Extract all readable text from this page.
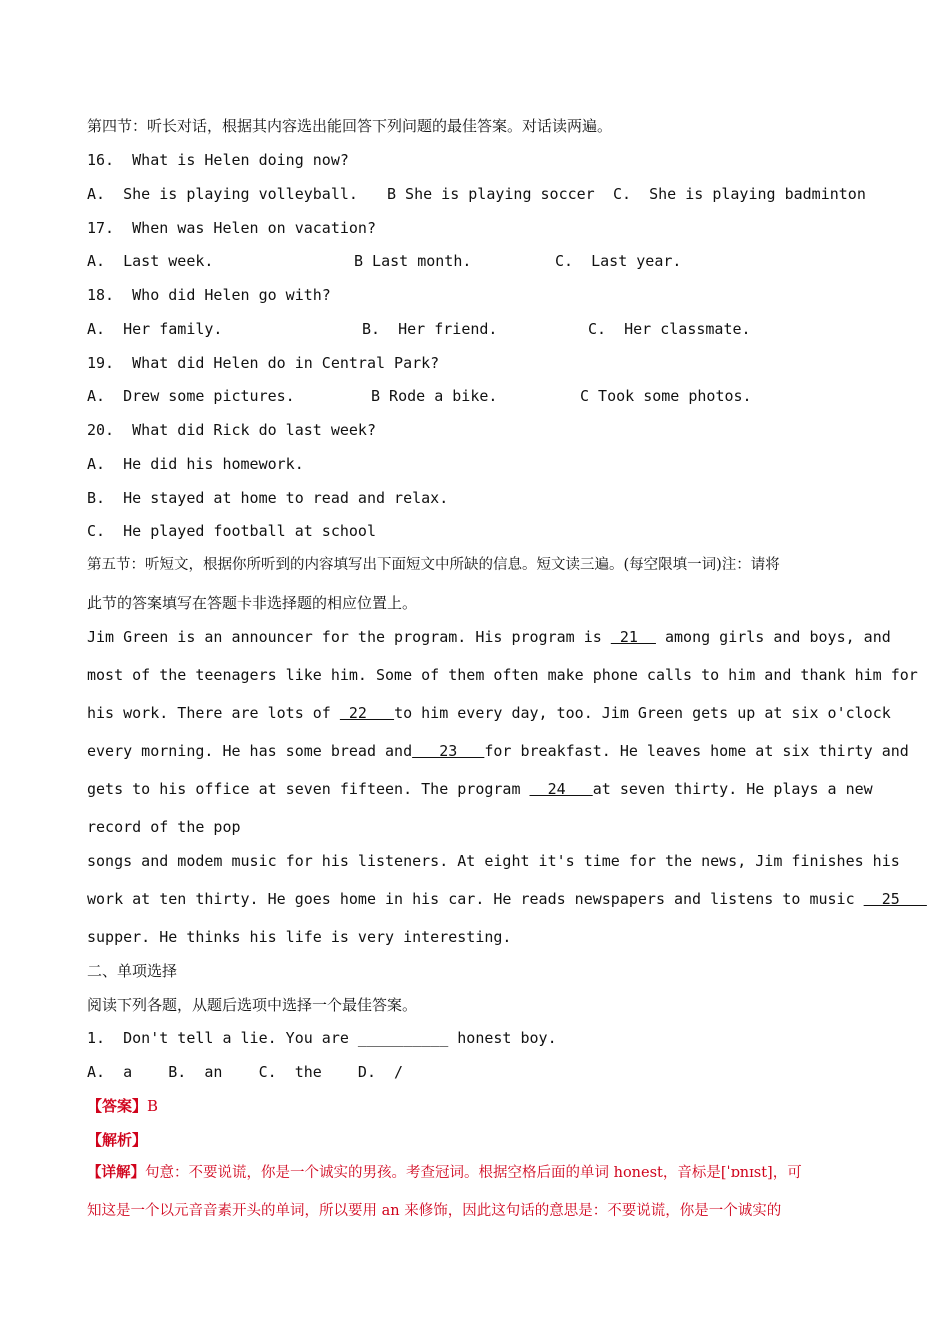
第四节：听长对话，根据其内容选出能回答下列问题的最佳答案。对话读两遍。
16.  What is Helen doing now?
A.  She is playing volleyball. B She is playing soccer C.  She is playing badminton
17.  When was Helen on vacation?
A.  Last week.	B Last month.	C.  Last year.
18.  Who did Helen go with?
A.  Her family.	B.  Her friend.	C.  Her classmate.
19.  What did Helen do in Central Park?
A.  Drew some pictures.	B Rode a bike.	C Took some photos.
20.  What did Rick do last week?
A.  He did his homework.
B.  He stayed at home to read and relax.
C.  He played football at school
第五节：听短文，根据你所听到的内容填写出下面短文中所缺的信息。短文读三遍。(每空限填一词)注：请将
此节的答案填写在答题卡非选择题的相应位置上。
Jim Green is an announcer for the program. His program is  21   among girls and boys, and
most of the teenagers like him. Some of them often make phone calls to him and thank him for
his work. There are lots of  22   to him every day, too. Jim Green gets up at six o'clock
every morning. He has some bread and   23   for breakfast. He leaves home at six thirty and
gets to his office at seven fifteen. The program   24   at seven thirty. He plays a new
record of the pop
songs and modem music for his listeners. At eight it's time for the news, Jim finishes his
work at ten thirty. He goes home in his car. He reads newspapers and listens to music   25
supper. He thinks his life is very interesting.
二、单项选择
阅读下列各题，从题后选项中选择一个最佳答案。
1.  Don't tell a lie. You are __________ honest boy.
A.  a    B.  an    C.  the    D.  /
【答案】B
【解析】
【详解】句意：不要说谎，你是一个诚实的男孩。考查冠词。根据空格后面的单词 honest，音标是[ˈɒnɪst]，可
知这是一个以元音音素开头的单词，所以要用 an 来修饰，因此这句话的意思是：不要说谎，你是一个诚实的
